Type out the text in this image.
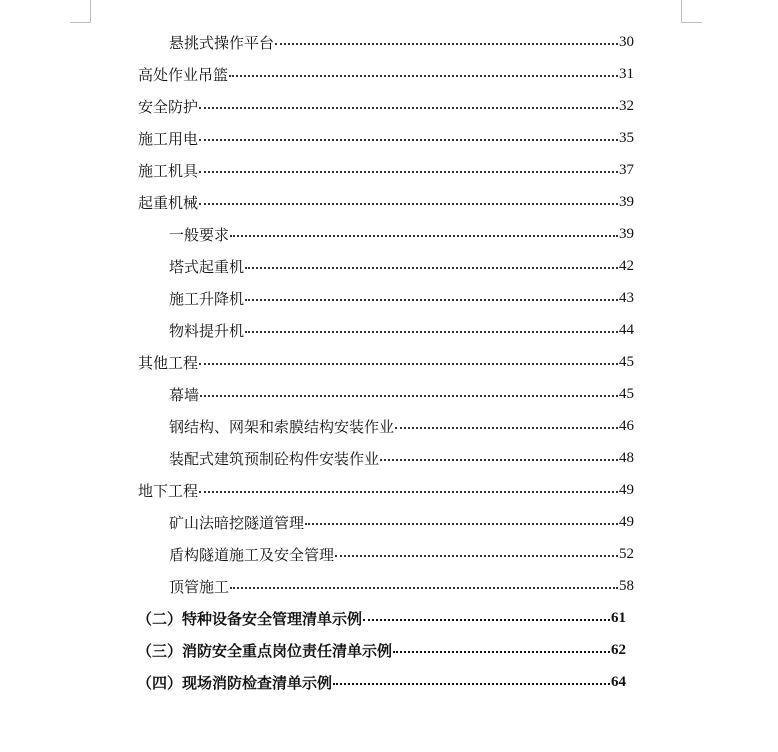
悬挑式操作平台	30
高处作业吊篮	31
安全防护	32
施工用电	35
施工机具	37
起重机械	39
一般要求	39
塔式起重机	42
施工升降机	43
物料提升机	44
其他工程	45
幕墙	45
钢结构、网架和索膜结构安装作业	46
装配式建筑预制砼构件安装作业	48
地下工程	49
矿山法暗挖隧道管理	49
盾构隧道施工及安全管理	52
顶管施工	58
（二）特种设备安全管理清单示例	61
（三）消防安全重点岗位责任清单示例	62
（四）现场消防检查清单示例	64
